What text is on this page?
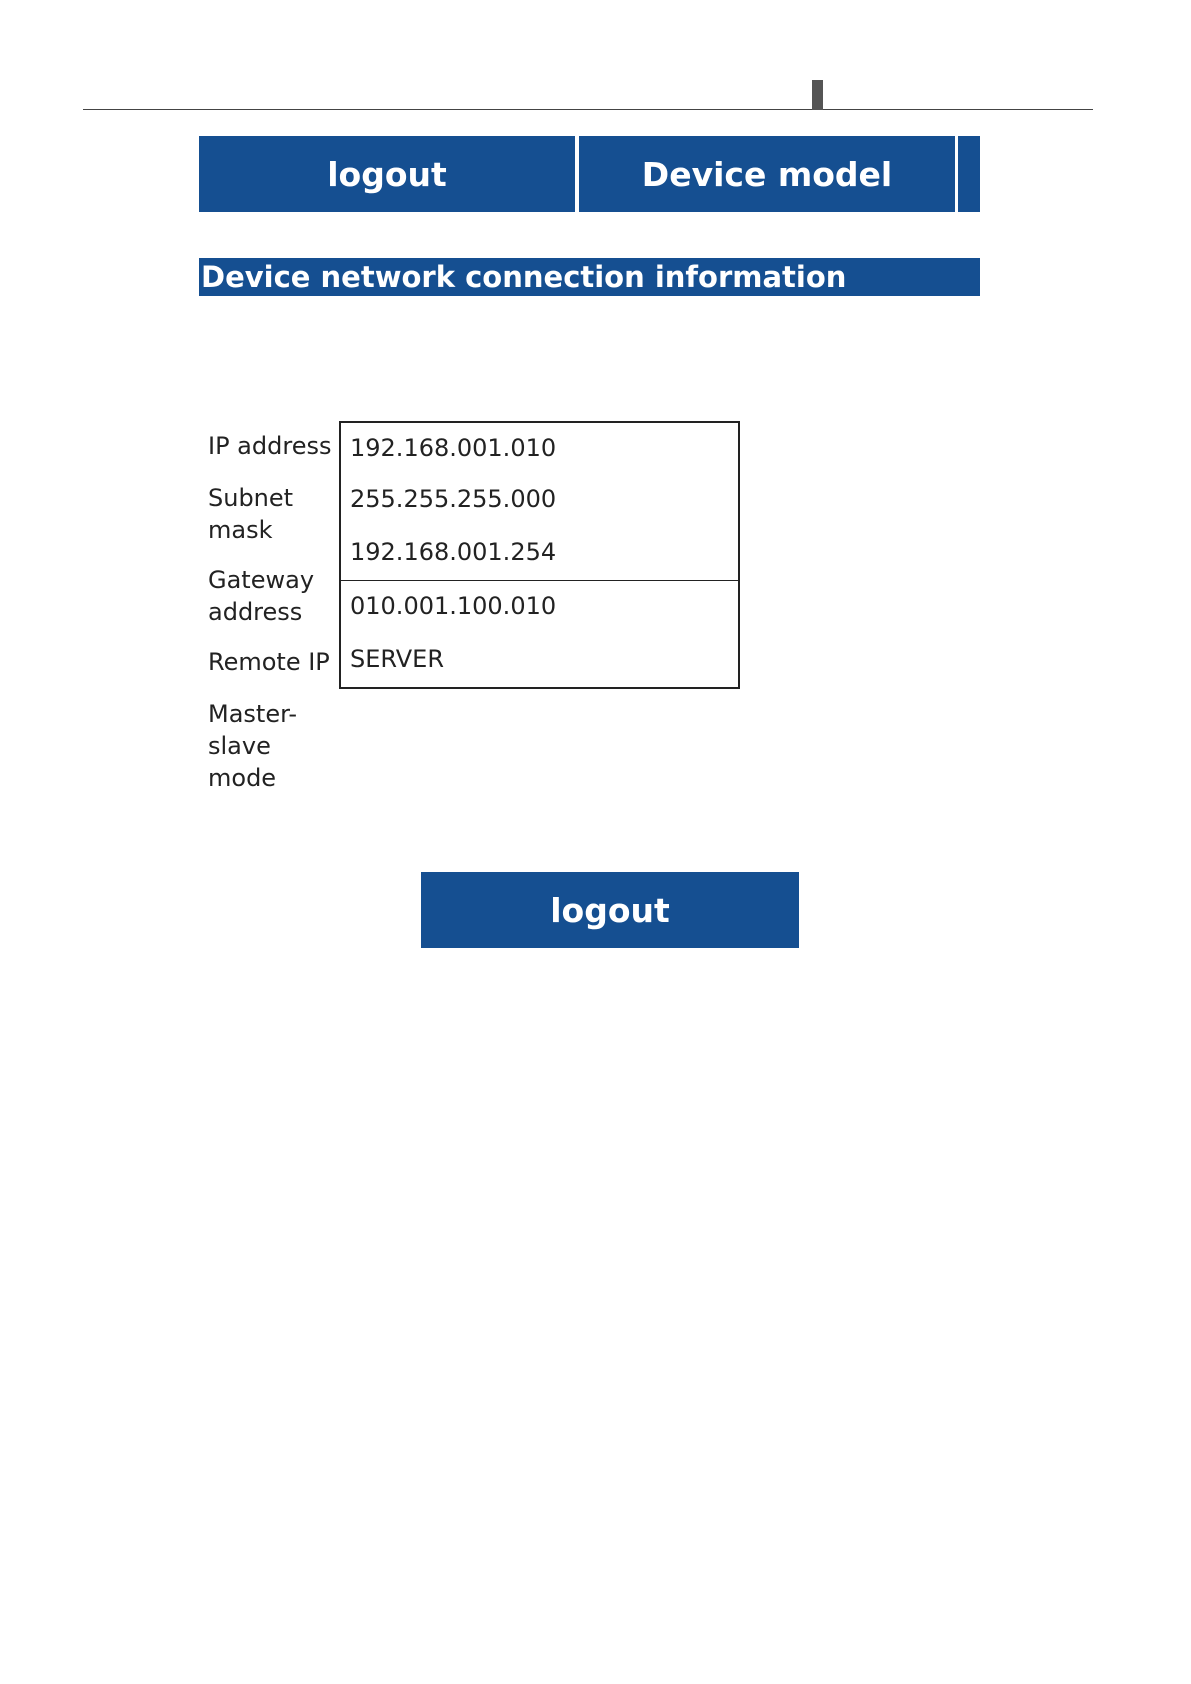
logout	Device model
information
Device network connection information
IP address
Subnet mask
Gateway address
Remote IP
Master-slave mode
192.168.001.010
255.255.255.000
192.168.001.254
010.001.100.010
SERVER
logout
